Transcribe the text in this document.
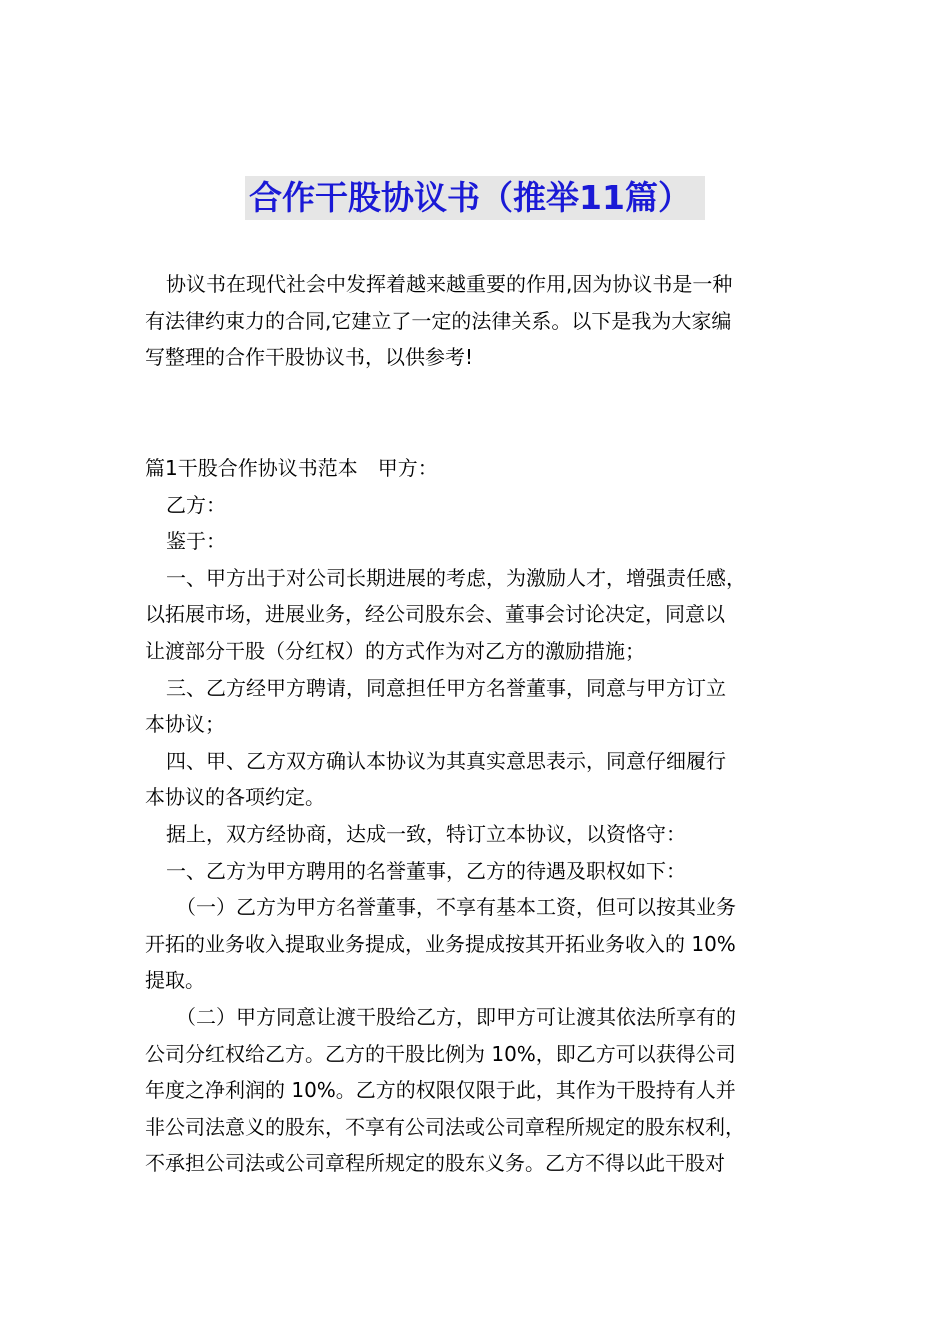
合作干股协议书（推举11篇）

协议书在现代社会中发挥着越来越重要的作用,因为协议书是一种

有法律约束力的合同,它建立了一定的法律关系。以下是我为大家编

写整理的合作干股协议书，以供参考!

篇1干股合作协议书范本　甲方：

乙方：

鉴于：

一、甲方出于对公司长期进展的考虑，为激励人才，增强责任感，

以拓展市场，进展业务，经公司股东会、董事会讨论决定，同意以

让渡部分干股（分红权）的方式作为对乙方的激励措施；

三、乙方经甲方聘请，同意担任甲方名誉董事，同意与甲方订立

本协议；

四、甲、乙方双方确认本协议为其真实意思表示，同意仔细履行

本协议的各项约定。

据上，双方经协商，达成一致，特订立本协议，以资恪守：

一、乙方为甲方聘用的名誉董事，乙方的待遇及职权如下：

（一）乙方为甲方名誉董事，不享有基本工资，但可以按其业务

开拓的业务收入提取业务提成，业务提成按其开拓业务收入的 10%

提取。

（二）甲方同意让渡干股给乙方，即甲方可让渡其依法所享有的

公司分红权给乙方。乙方的干股比例为 10%，即乙方可以获得公司

年度之净利润的 10%。乙方的权限仅限于此，其作为干股持有人并

非公司法意义的股东，不享有公司法或公司章程所规定的股东权利，

不承担公司法或公司章程所规定的股东义务。乙方不得以此干股对
